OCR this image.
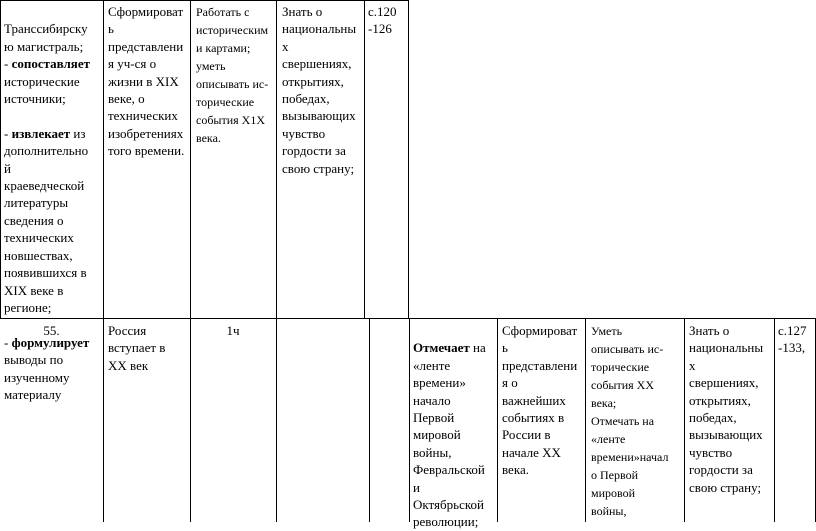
Транссибирску
ю магистраль;

- сопоставляет
исторические
источники;

- извлекает из
дополнительно
й
краеведческой
литературы
сведения о
технических
новшествах,
появившихся в
XIX веке в
регионе;

- формулирует
выводы по
изученному
материалу

Сформироват
ь
представлени
я уч-ся о
жизни в XIX
веке, о
технических
изобретениях
того времени.
Работать с
историческим
и картами;
уметь
описывать ис-
торические
события Х1Х
века.
Знать о
национальны
х
свершениях,
открытиях,
победах,
вызывающих
чувство
гордости за
свою страну;
с.120
-126
55.	Россия
вступает в
ХХ век
1ч

Отмечает на
«ленте
времени»
начало
Первой
мировой
войны,
Февральской
и
Октябрьской
революции;

Сформироват
ь
представлени
я о
важнейших
событиях в
России в
начале ХХ
века.
Уметь
описывать ис-
торические
события ХХ
века;
Отмечать на
«ленте
времени»начал
о Первой
мировой
войны,
Знать о
национальны
х
свершениях,
открытиях,
победах,
вызывающих
чувство
гордости за
свою страну;
с.127
-133,
